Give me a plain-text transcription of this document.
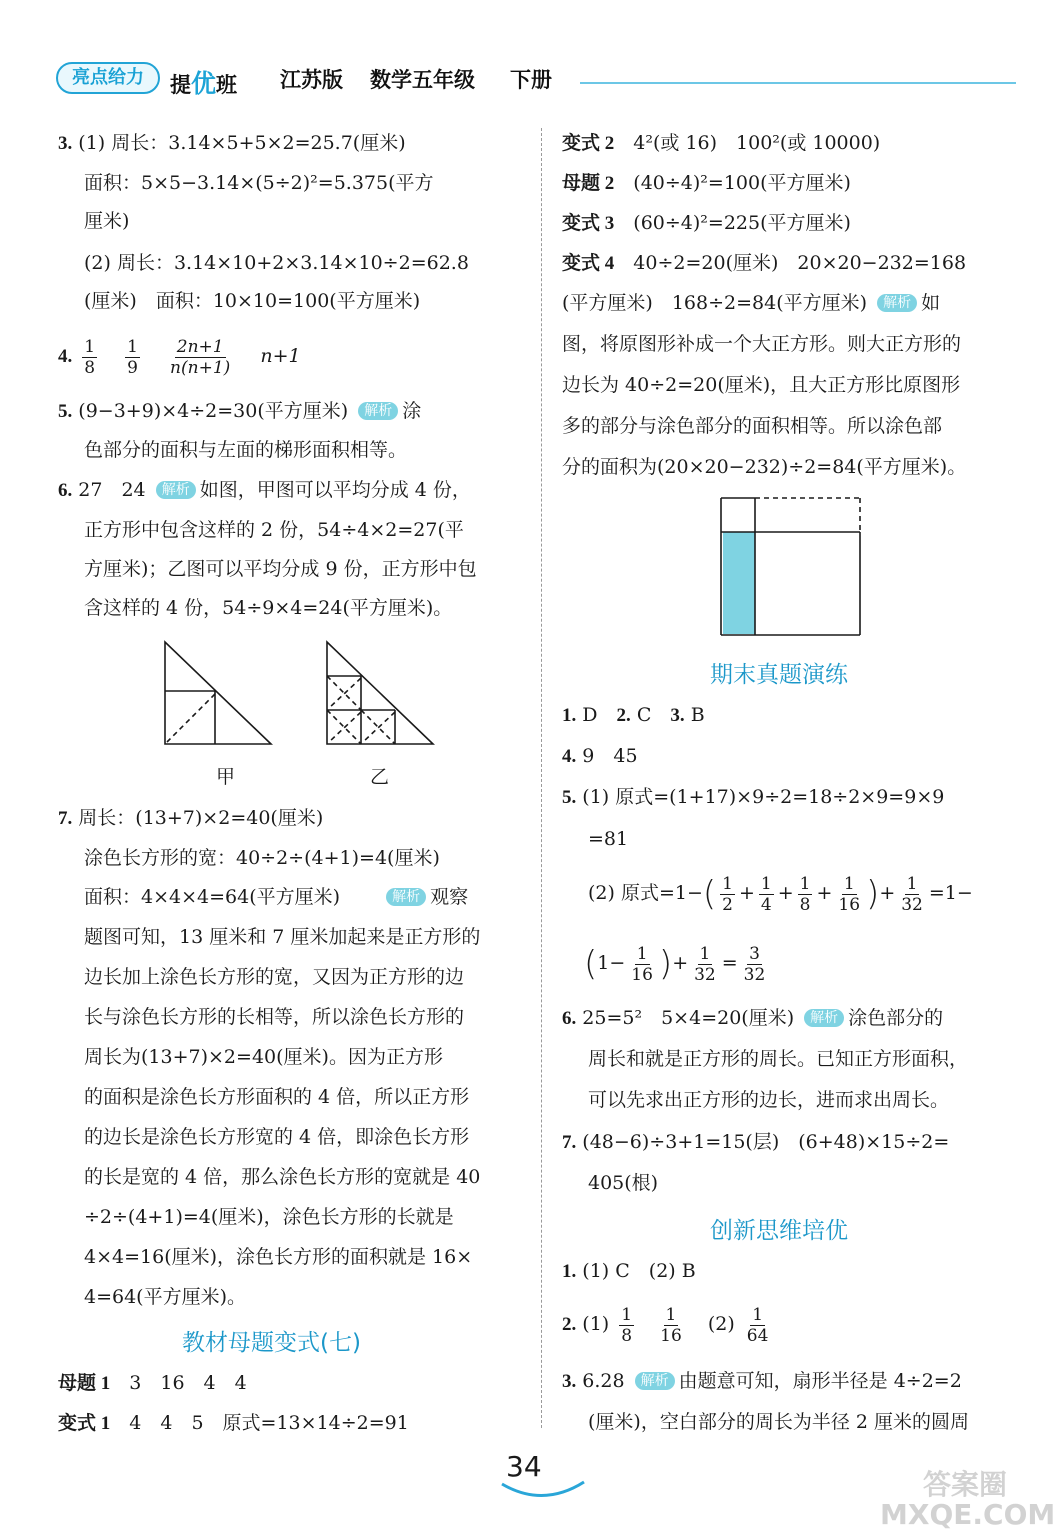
亮点给力	提优班 江苏版 数学五年级 下册
3. (1) 周长：3.14×5+5×2=25.7(厘米)
面积：5×5−3.14×(5÷2)²=5.375(平方
厘米)
(2) 周长：3.14×10+2×3.14×10÷2=62.8
(厘米)　面积：10×10=100(平方厘米)
4. $\frac{1}{8}$
$\frac{1}{9}$
$\frac{2n+1}{n(n+1)} n+1$
5. (9−3+9)×4÷2=30(平方厘米) 解析 涂
色部分的面积与左面的梯形面积相等。
6. 27　24 解析 如图，甲图可以平均分成 4 份，
正方形中包含这样的 2 份，54÷4×2=27(平
方厘米)；乙图可以平均分成 9 份，正方形中包
含这样的 4 份，54÷9×4=24(平方厘米)。
甲	乙
7. 周长：(13+7)×2=40(厘米)
涂色长方形的宽：40÷2÷(4+1)=4(厘米)
面积：4×4×4=64(平方厘米)	解析 观察
题图可知，13 厘米和 7 厘米加起来是正方形的
边长加上涂色长方形的宽，又因为正方形的边
长与涂色长方形的长相等，所以涂色长方形的
周长为(13+7)×2=40(厘米)。因为正方形
的面积是涂色长方形面积的 4 倍，所以正方形
的边长是涂色长方形宽的 4 倍，即涂色长方形
的长是宽的 4 倍，那么涂色长方形的宽就是 40
÷2÷(4+1)=4(厘米)，涂色长方形的长就是
4×4=16(厘米)，涂色长方形的面积就是 16×
4=64(平方厘米)。
教材母题变式(七)
母题 1　 3　16　4　4
变式 1　 4　4　5　原式=13×14÷2=91
变式 2　 4²(或 16)　100²(或 10000)
母题 2　 (40÷4)²=100(平方厘米)
变式 3　 (60÷4)²=225(平方厘米)
变式 4　 40÷2=20(厘米)　20×20−232=168
(平方厘米)　168÷2=84(平方厘米) 解析 如
图，将原图形补成一个大正方形。则大正方形的
边长为 40÷2=20(厘米)，且大正方形比原图形
多的部分与涂色部分的面积相等。所以涂色部
分的面积为(20×20−232)÷2=84(平方厘米)。
期末真题演练
1. D　 2. C　 3. B
4. 9　45
5. (1) 原式=(1+17)×9÷2=18÷2×9=9×9
=81
(2) 原式$=1-( \frac{1}{2} + \frac{1}{4} + \frac{1}{8} + \frac{1}{16}$ )+ $\frac{1}{32} =1-$
($1- \frac{1}{16}$ )+ $\frac{1}{32} = \frac{3}{32}$
6. 25=5²　5×4=20(厘米) 解析 涂色部分的
周长和就是正方形的周长。已知正方形面积，
可以先求出正方形的边长，进而求出周长。
7. (48−6)÷3+1=15(层)　(6+48)×15÷2=
405(根)
创新思维培优
1. (1) C　(2) B
2. $(1) \frac{1}{8}$
$\frac{1}{16} (2) \frac{1}{64}$
3. 6.28 解析 由题意可知，扇形半径是 4÷2=2
(厘米)，空白部分的周长为半径 2 厘米的圆周
34
答案圈 MXQE.COM
